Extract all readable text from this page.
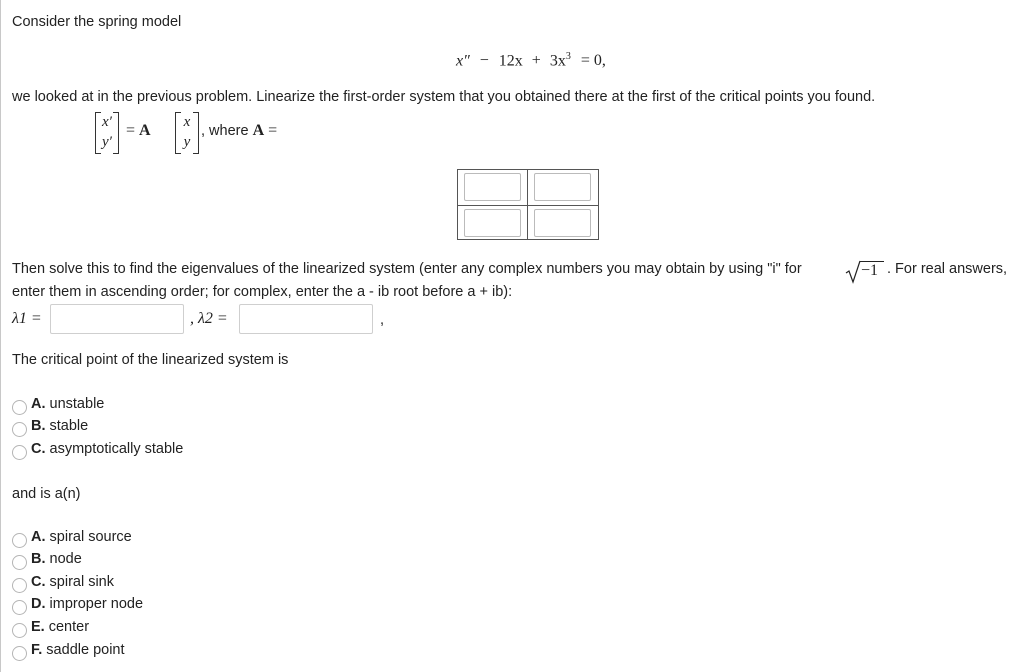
Consider the spring model
$x'' - 12x + 3x^3 = 0$,
we looked at in the previous problem. Linearize the first-order system that you obtained there at the first of the critical points you found.
x′
y′
= A	x
y
, where A =
Then solve this to find the eigenvalues of the linearized system (enter any complex numbers you may obtain by using "i" for	−1 . For real answers,
enter them in ascending order; for complex, enter the a - ib root before a + ib):
λ1 =	, λ2 =	,
The critical point of the linearized system is
A. unstable
B. stable
C. asymptotically stable
and is a(n)
A. spiral source
B. node
C. spiral sink
D. improper node
E. center
F. saddle point
